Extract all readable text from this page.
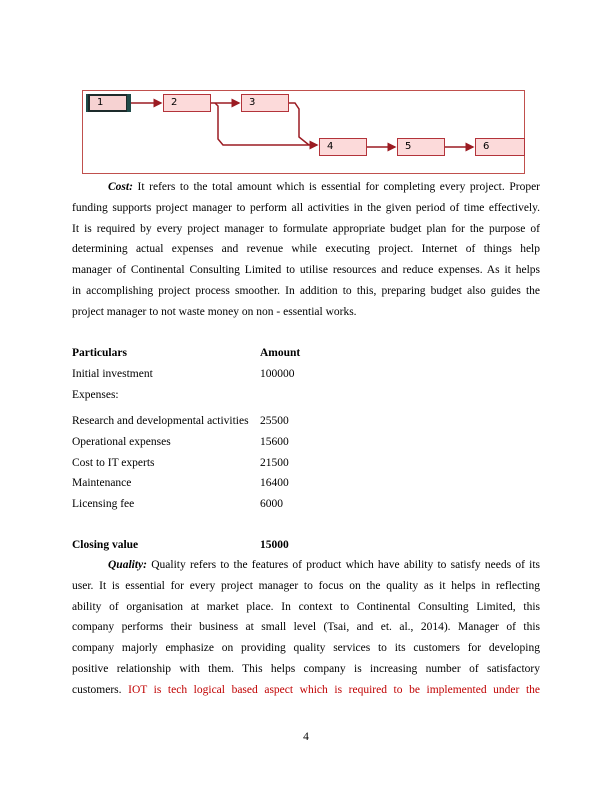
1	2	3
4	5	6
Cost: It refers to the total amount which is essential for completing every project. Proper
funding supports project manager to perform all activities in the given period of time effectively.
It is required by every project manager to formulate appropriate budget plan for the purpose of
determining actual expenses and revenue while executing project. Internet of things help
manager of Continental Consulting Limited to utilise resources and reduce expenses. As it helps
in accomplishing project process smoother. In addition to this, preparing budget also guides the
project manager to not waste money on non - essential works.
Particulars	Amount
Initial investment	100000
Expenses:
Research and developmental activities 25500
Operational expenses	15600
Cost to IT experts	21500
Maintenance	16400
Licensing fee	6000
Closing value	15000
Quality: Quality refers to the features of product which have ability to satisfy needs of its
user. It is essential for every project manager to focus on the quality as it helps in reflecting
ability of organisation at market place. In context to Continental Consulting Limited, this
company performs their business at small level (Tsai, and et. al., 2014). Manager of this
company majorly emphasize on providing quality services to its customers for developing
positive relationship with them. This helps company is increasing number of satisfactory
customers. IOT is tech logical based aspect which is required to be implemented under the
4
